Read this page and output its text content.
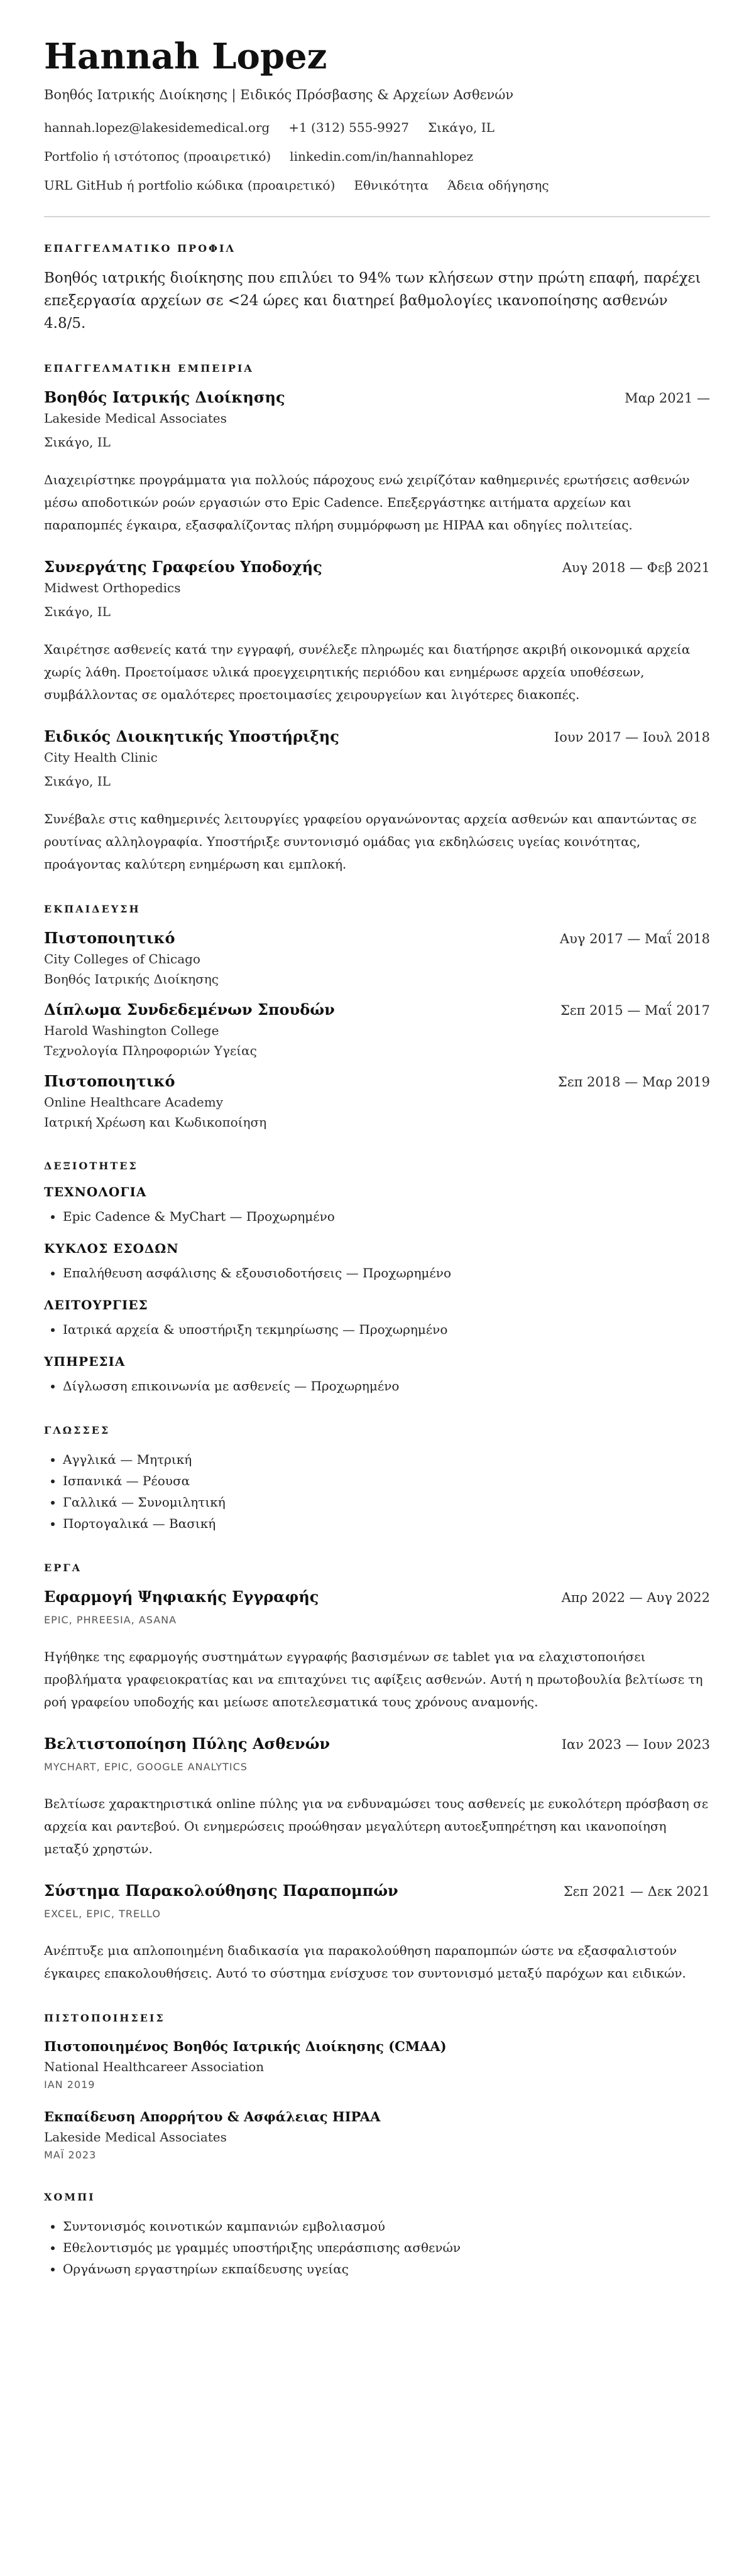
Hannah Lopez
Βοηθός Ιατρικής Διοίκησης | Ειδικός Πρόσβασης & Αρχείων Ασθενών
hannah.lopez@lakesidemedical.org +1 (312) 555-9927 Σικάγο, IL
Portfolio ή ιστότοπος (προαιρετικό) linkedin.com/in/hannahlopez
URL GitHub ή portfolio κώδικα (προαιρετικό) Εθνικότητα Άδεια οδήγησης
ΕΠΑΓΓΕΛΜΑΤΙΚΟ ΠΡΟΦΙΛ
Βοηθός ιατρικής διοίκησης που επιλύει το 94% των κλήσεων στην πρώτη επαφή, παρέχει επεξεργασία αρχείων σε <24 ώρες και διατηρεί βαθμολογίες ικανοποίησης ασθενών 4.8/5.
ΕΠΑΓΓΕΛΜΑΤΙΚΗ ΕΜΠΕΙΡΙΑ
Βοηθός Ιατρικής Διοίκησης	Μαρ 2021 —
Lakeside Medical Associates
Σικάγο, IL
Διαχειρίστηκε προγράμματα για πολλούς πάροχους ενώ χειρίζόταν καθημερινές ερωτήσεις ασθενών μέσω αποδοτικών ροών εργασιών στο Epic Cadence. Επεξεργάστηκε αιτήματα αρχείων και παραπομπές έγκαιρα, εξασφαλίζοντας πλήρη συμμόρφωση με HIPAA και οδηγίες πολιτείας.
Συνεργάτης Γραφείου Υποδοχής	Αυγ 2018 — Φεβ 2021
Midwest Orthopedics
Σικάγο, IL
Χαιρέτησε ασθενείς κατά την εγγραφή, συνέλεξε πληρωμές και διατήρησε ακριβή οικονομικά αρχεία χωρίς λάθη. Προετοίμασε υλικά προεγχειρητικής περιόδου και ενημέρωσε αρχεία υποθέσεων, συμβάλλοντας σε ομαλότερες προετοιμασίες χειρουργείων και λιγότερες διακοπές.
Ειδικός Διοικητικής Υποστήριξης	Ιουν 2017 — Ιουλ 2018
City Health Clinic
Σικάγο, IL
Συνέβαλε στις καθημερινές λειτουργίες γραφείου οργανώνοντας αρχεία ασθενών και απαντώντας σε ρουτίνας αλληλογραφία. Υποστήριξε συντονισμό ομάδας για εκδηλώσεις υγείας κοινότητας, προάγοντας καλύτερη ενημέρωση και εμπλοκή.
ΕΚΠΑΙΔΕΥΣΗ
Πιστοποιητικό	Αυγ 2017 — Μαΐ 2018
City Colleges of Chicago
Βοηθός Ιατρικής Διοίκησης
Δίπλωμα Συνδεδεμένων Σπουδών	Σεπ 2015 — Μαΐ 2017
Harold Washington College
Τεχνολογία Πληροφοριών Υγείας
Πιστοποιητικό	Σεπ 2018 — Μαρ 2019
Online Healthcare Academy
Ιατρική Χρέωση και Κωδικοποίηση
ΔΕΞΙΟΤΗΤΕΣ
ΤΕΧΝΟΛΟΓΙΑ
• Epic Cadence & MyChart — Προχωρημένο
ΚΥΚΛΟΣ ΕΣΟΔΩΝ
• Επαλήθευση ασφάλισης & εξουσιοδοτήσεις — Προχωρημένο
ΛΕΙΤΟΥΡΓΙΕΣ
• Ιατρικά αρχεία & υποστήριξη τεκμηρίωσης — Προχωρημένο
ΥΠΗΡΕΣΙΑ
• Δίγλωσση επικοινωνία με ασθενείς — Προχωρημένο
ΓΛΩΣΣΕΣ
• Αγγλικά — Μητρική
• Ισπανικά — Ρέουσα
• Γαλλικά — Συνομιλητική
• Πορτογαλικά — Βασική
ΕΡΓΑ
Εφαρμογή Ψηφιακής Εγγραφής	Απρ 2022 — Αυγ 2022
EPIC, PHREESIA, ASANA
Ηγήθηκε της εφαρμογής συστημάτων εγγραφής βασισμένων σε tablet για να ελαχιστοποιήσει προβλήματα γραφειοκρατίας και να επιταχύνει τις αφίξεις ασθενών. Αυτή η πρωτοβουλία βελτίωσε τη ροή γραφείου υποδοχής και μείωσε αποτελεσματικά τους χρόνους αναμονής.
Βελτιστοποίηση Πύλης Ασθενών	Ιαν 2023 — Ιουν 2023
MYCHART, EPIC, GOOGLE ANALYTICS
Βελτίωσε χαρακτηριστικά online πύλης για να ενδυναμώσει τους ασθενείς με ευκολότερη πρόσβαση σε αρχεία και ραντεβού. Οι ενημερώσεις προώθησαν μεγαλύτερη αυτοεξυπηρέτηση και ικανοποίηση μεταξύ χρηστών.
Σύστημα Παρακολούθησης Παραπομπών	Σεπ 2021 — Δεκ 2021
EXCEL, EPIC, TRELLO
Ανέπτυξε μια απλοποιημένη διαδικασία για παρακολούθηση παραπομπών ώστε να εξασφαλιστούν έγκαιρες επακολουθήσεις. Αυτό το σύστημα ενίσχυσε τον συντονισμό μεταξύ παρόχων και ειδικών.
ΠΙΣΤΟΠΟΙΗΣΕΙΣ
Πιστοποιημένος Βοηθός Ιατρικής Διοίκησης (CMAA)
National Healthcareer Association
ΙΑΝ 2019
Εκπαίδευση Απορρήτου & Ασφάλειας HIPAA
Lakeside Medical Associates
ΜΑΪ 2023
ΧΟΜΠΙ
• Συντονισμός κοινοτικών καμπανιών εμβολιασμού
• Εθελοντισμός με γραμμές υποστήριξης υπεράσπισης ασθενών
• Οργάνωση εργαστηρίων εκπαίδευσης υγείας
